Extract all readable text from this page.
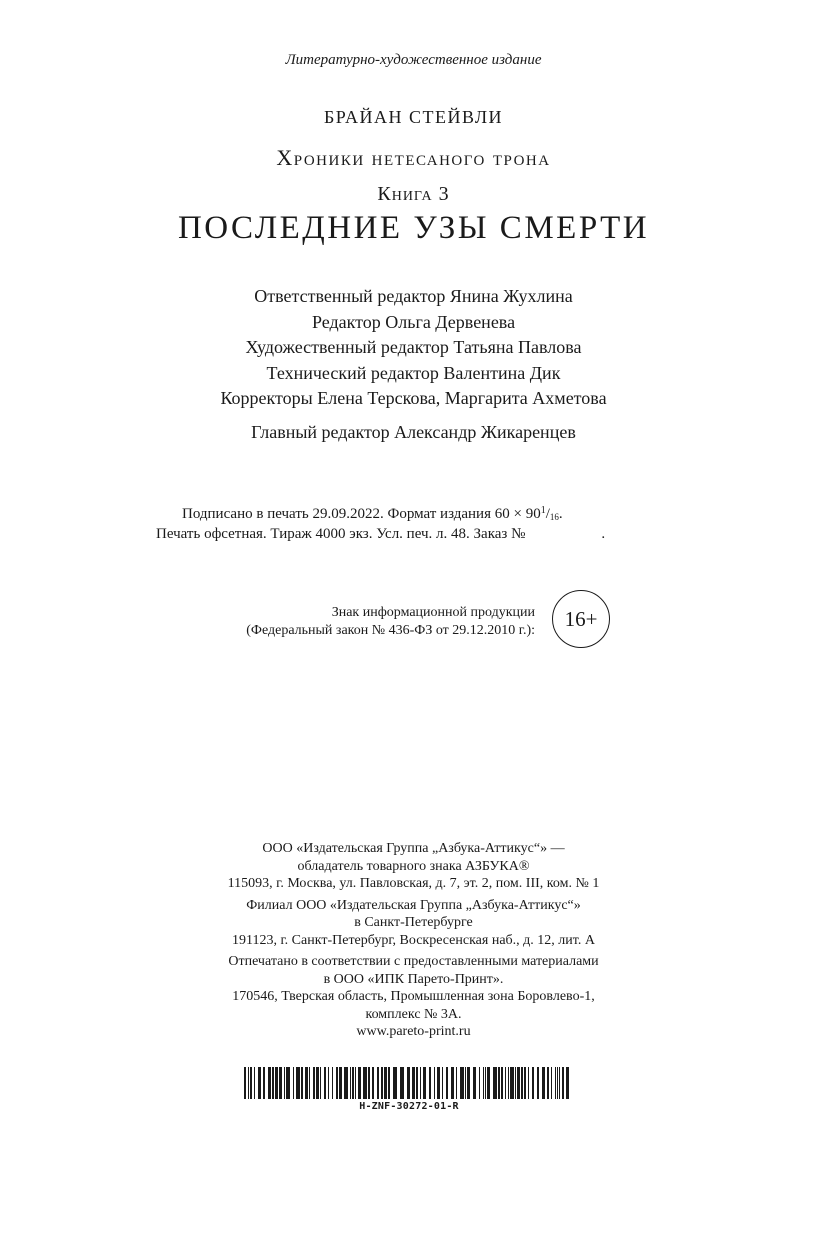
Литературно-художественное издание
БРАЙАН СТЕЙВЛИ
Хроники нетесаного трона
Книга 3
ПОСЛЕДНИЕ УЗЫ СМЕРТИ
Ответственный редактор Янина Жухлина
Редактор Ольга Дервенева
Художественный редактор Татьяна Павлова
Технический редактор Валентина Дик
Корректоры Елена Терскова, Маргарита Ахметова
Главный редактор Александр Жикаренцев
Подписано в печать 29.09.2022. Формат издания $60 \times 90^1/_{16}$.
Печать офсетная. Тираж 4000 экз. Усл. печ. л. 48. Заказ №	.
Знак информационной продукции
(Федеральный закон № 436-ФЗ от 29.12.2010 г.):	16+
ООО «Издательская Группа „Азбука-Аттикус“» —
обладатель товарного знака АЗБУКА®
115093, г. Москва, ул. Павловская, д. 7, эт. 2, пом. III, ком. № 1
Филиал ООО «Издательская Группа „Азбука-Аттикус“»
в Санкт-Петербурге
191123, г. Санкт-Петербург, Воскресенская наб., д. 12, лит. А
Отпечатано в соответствии с предоставленными материалами
в ООО «ИПК Парето-Принт».
170546, Тверская область, Промышленная зона Боровлево-1,
комплекс № 3А.
www.pareto-print.ru
H-ZNF-30272-01-R
